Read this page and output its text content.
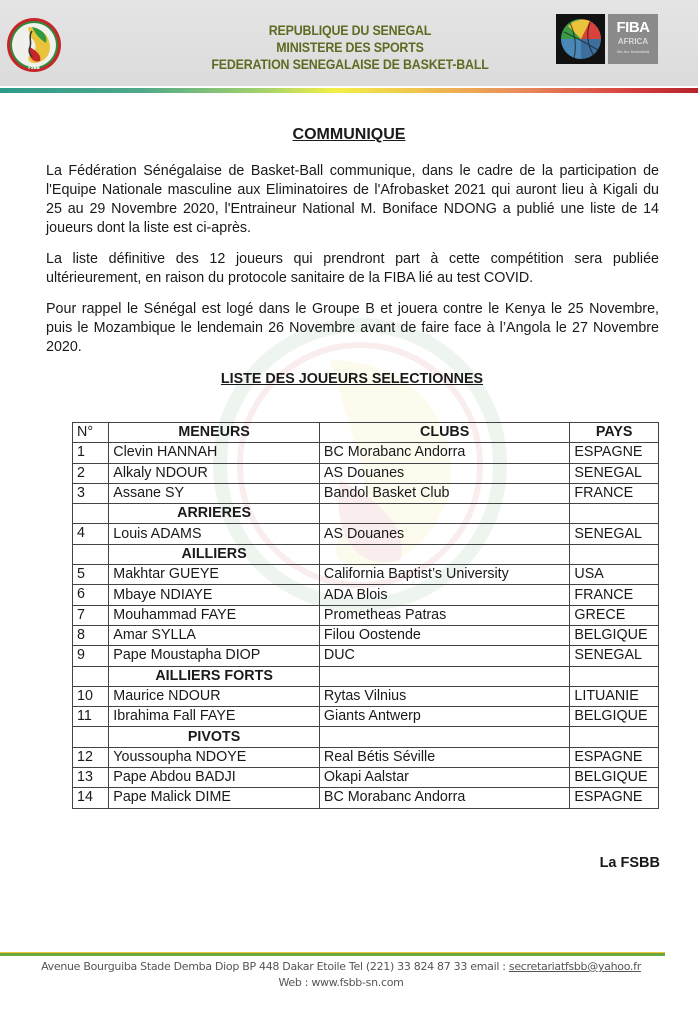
FSBB
REPUBLIQUE DU SENEGAL
MINISTERE DES SPORTS
FEDERATION SENEGALAISE DE BASKET-BALL
FIBA
AFRICA
We Are Basketball
COMMUNIQUE
La Fédération Sénégalaise de Basket-Ball communique, dans le cadre de la participation de l'Equipe Nationale masculine aux Eliminatoires de l'Afrobasket 2021 qui auront lieu à Kigali du 25 au 29 Novembre 2020, l'Entraineur National M. Boniface NDONG a publié une liste de 14 joueurs dont la liste est ci-après.
La liste définitive des 12 joueurs qui prendront part à cette compétition sera publiée ultérieurement, en raison du protocole sanitaire de la FIBA lié au test COVID.
Pour rappel le Sénégal est logé dans le Groupe B et jouera contre le Kenya le 25 Novembre, puis le Mozambique le lendemain 26 Novembre avant de faire face à l’Angola le 27 Novembre 2020.
LISTE DES JOUEURS SELECTIONNES
N°	MENEURS	CLUBS	PAYS
1	Clevin HANNAH	BC Morabanc Andorra	ESPAGNE
2	Alkaly NDOUR	AS Douanes	SENEGAL
3	Assane SY	Bandol Basket Club	FRANCE
	ARRIERES		
4	Louis ADAMS	AS Douanes	SENEGAL
	AILLIERS		
5	Makhtar GUEYE	California Baptist’s University	USA
6	Mbaye NDIAYE	ADA Blois	FRANCE
7	Mouhammad FAYE	Prometheas Patras	GRECE
8	Amar SYLLA	Filou Oostende	BELGIQUE
9	Pape Moustapha DIOP	DUC	SENEGAL
	AILLIERS FORTS		
10	Maurice NDOUR	Rytas Vilnius	LITUANIE
11	Ibrahima Fall FAYE	Giants Antwerp	BELGIQUE
	PIVOTS		
12	Youssoupha NDOYE	Real Bétis Séville	ESPAGNE
13	Pape Abdou BADJI	Okapi Aalstar	BELGIQUE
14	Pape Malick DIME	BC Morabanc Andorra	ESPAGNE
La FSBB
Avenue Bourguiba Stade Demba Diop BP 448 Dakar Etoile Tel (221) 33 824 87 33 email : secretariatfsbb@yahoo.fr
Web : www.fsbb-sn.com
